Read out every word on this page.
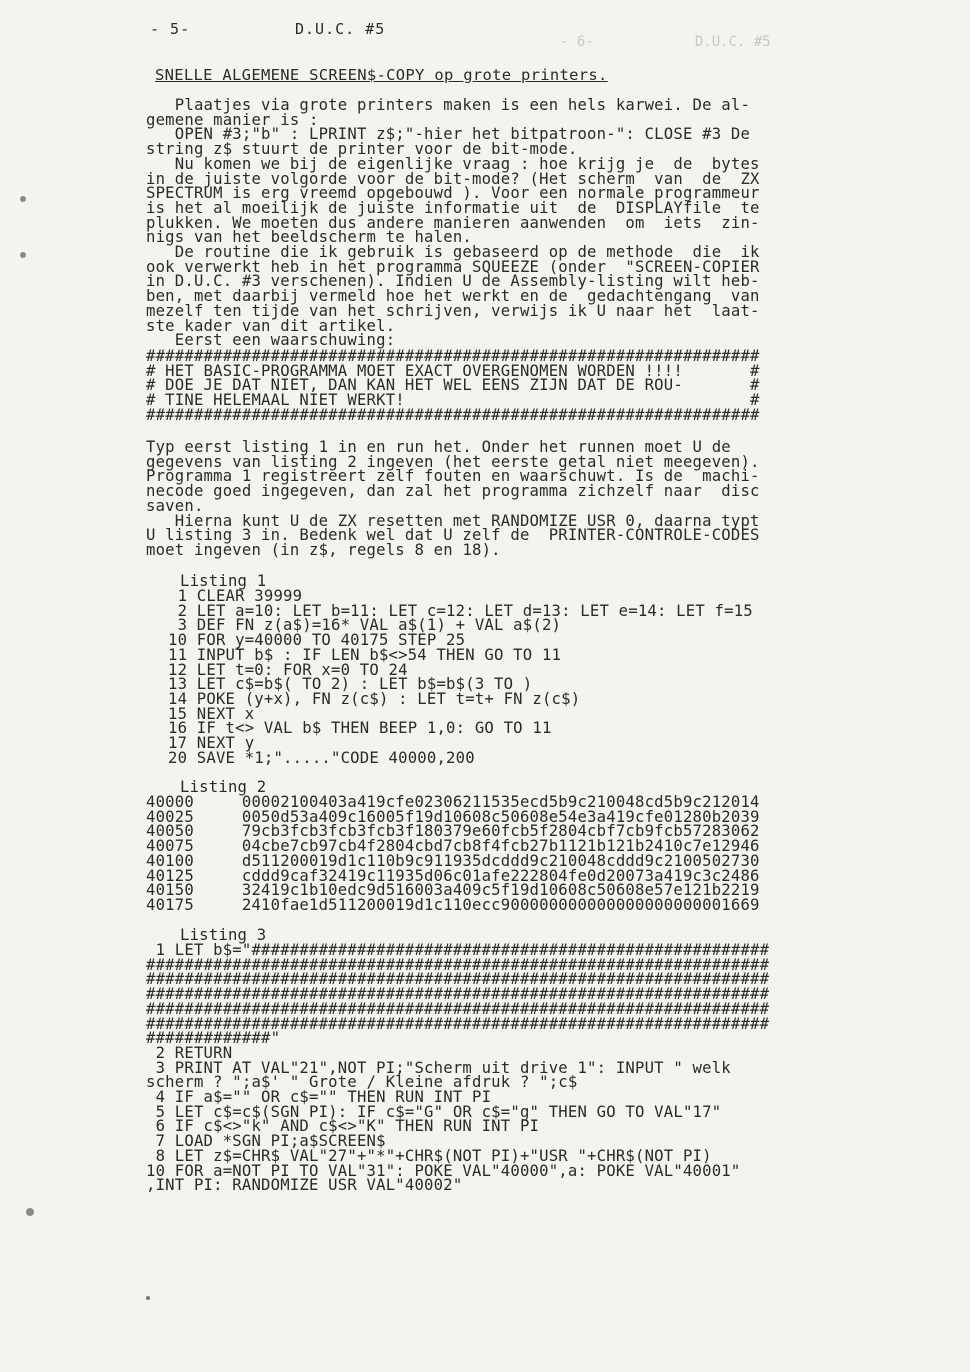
- 6-            D.U.C. #5
- 5-	D.U.C. #5
SNELLE ALGEMENE SCREEN$-COPY op grote printers.
Plaatjes via grote printers maken is een hels karwei. De al-
gemene manier is :
OPEN #3;"b" : LPRINT z$;"-hier het bitpatroon-": CLOSE #3 De
string z$ stuurt de printer voor de bit-mode.
Nu komen we bij de eigenlijke vraag : hoe krijg je  de  bytes
in de juiste volgorde voor de bit-mode? (Het scherm  van  de  ZX
SPECTRUM is erg vreemd opgebouwd ). Voor een normale programmeur
is het al moeilijk de juiste informatie uit  de  DISPLAYfile  te
plukken. We moeten dus andere manieren aanwenden  om  iets  zin-
nigs van het beeldscherm te halen.
De routine die ik gebruik is gebaseerd op de methode  die  ik
ook verwerkt heb in het programma SQUEEZE (onder  "SCREEN-COPIER
in D.U.C. #3 verschenen). Indien U de Assembly-listing wilt heb-
ben, met daarbij vermeld hoe het werkt en de  gedachtengang  van
mezelf ten tijde van het schrijven, verwijs ik U naar het  laat-
ste kader van dit artikel.
Eerst een waarschuwing:
################################################################
# HET BASIC-PROGRAMMA MOET EXACT OVERGENOMEN WORDEN !!!!       #
# DOE JE DAT NIET, DAN KAN HET WEL EENS ZIJN DAT DE ROU-       #
# TINE HELEMAAL NIET WERKT!                                    #
################################################################
Typ eerst listing 1 in en run het. Onder het runnen moet U de
gegevens van listing 2 ingeven (het eerste getal niet meegeven).
Programma 1 registreert zelf fouten en waarschuwt. Is de  machi-
necode goed ingegeven, dan zal het programma zichzelf naar  disc
saven.
Hierna kunt U de ZX resetten met RANDOMIZE USR 0, daarna typt
U listing 3 in. Bedenk wel dat U zelf de  PRINTER-CONTROLE-CODES
moet ingeven (in z$, regels 8 en 18).
Listing 1
1 CLEAR 39999
2 LET a=10: LET b=11: LET c=12: LET d=13: LET e=14: LET f=15
3 DEF FN z(a$)=16* VAL a$(1) + VAL a$(2)
10 FOR y=40000 TO 40175 STEP 25
11 INPUT b$ : IF LEN b$<>54 THEN GO TO 11
12 LET t=0: FOR x=0 TO 24
13 LET c$=b$( TO 2) : LET b$=b$(3 TO )
14 POKE (y+x), FN z(c$) : LET t=t+ FN z(c$)
15 NEXT x
16 IF t<> VAL b$ THEN BEEP 1,0: GO TO 11
17 NEXT y
20 SAVE *1;"....."CODE 40000,200
Listing 2
40000     00002100403a419cfe02306211535ecd5b9c210048cd5b9c212014
40025     0050d53a409c16005f19d10608c50608e54e3a419cfe01280b2039
40050     79cb3fcb3fcb3fcb3f180379e60fcb5f2804cbf7cb9fcb57283062
40075     04cbe7cb97cb4f2804cbd7cb8f4fcb27b1121b121b2410c7e12946
40100     d511200019d1c110b9c911935dcddd9c210048cddd9c2100502730
40125     cddd9caf32419c11935d06c01afe222804fe0d20073a419c3c2486
40150     32419c1b10edc9d516003a409c5f19d10608c50608e57e121b2219
40175     2410fae1d511200019d1c110ecc900000000000000000000001669
Listing 3
1 LET b$="######################################################
#################################################################
#################################################################
#################################################################
#################################################################
#################################################################
#############"
2 RETURN
3 PRINT AT VAL"21",NOT PI;"Scherm uit drive 1": INPUT " welk
scherm ? ";a$' " Grote / Kleine afdruk ? ";c$
4 IF a$="" OR c$="" THEN RUN INT PI
5 LET c$=c$(SGN PI): IF c$="G" OR c$="g" THEN GO TO VAL"17"
6 IF c$<>"k" AND c$<>"K" THEN RUN INT PI
7 LOAD *SGN PI;a$SCREEN$
8 LET z$=CHR$ VAL"27"+"*"+CHR$(NOT PI)+"USR "+CHR$(NOT PI)
10 FOR a=NOT PI TO VAL"31": POKE VAL"40000",a: POKE VAL"40001"
,INT PI: RANDOMIZE USR VAL"40002"
